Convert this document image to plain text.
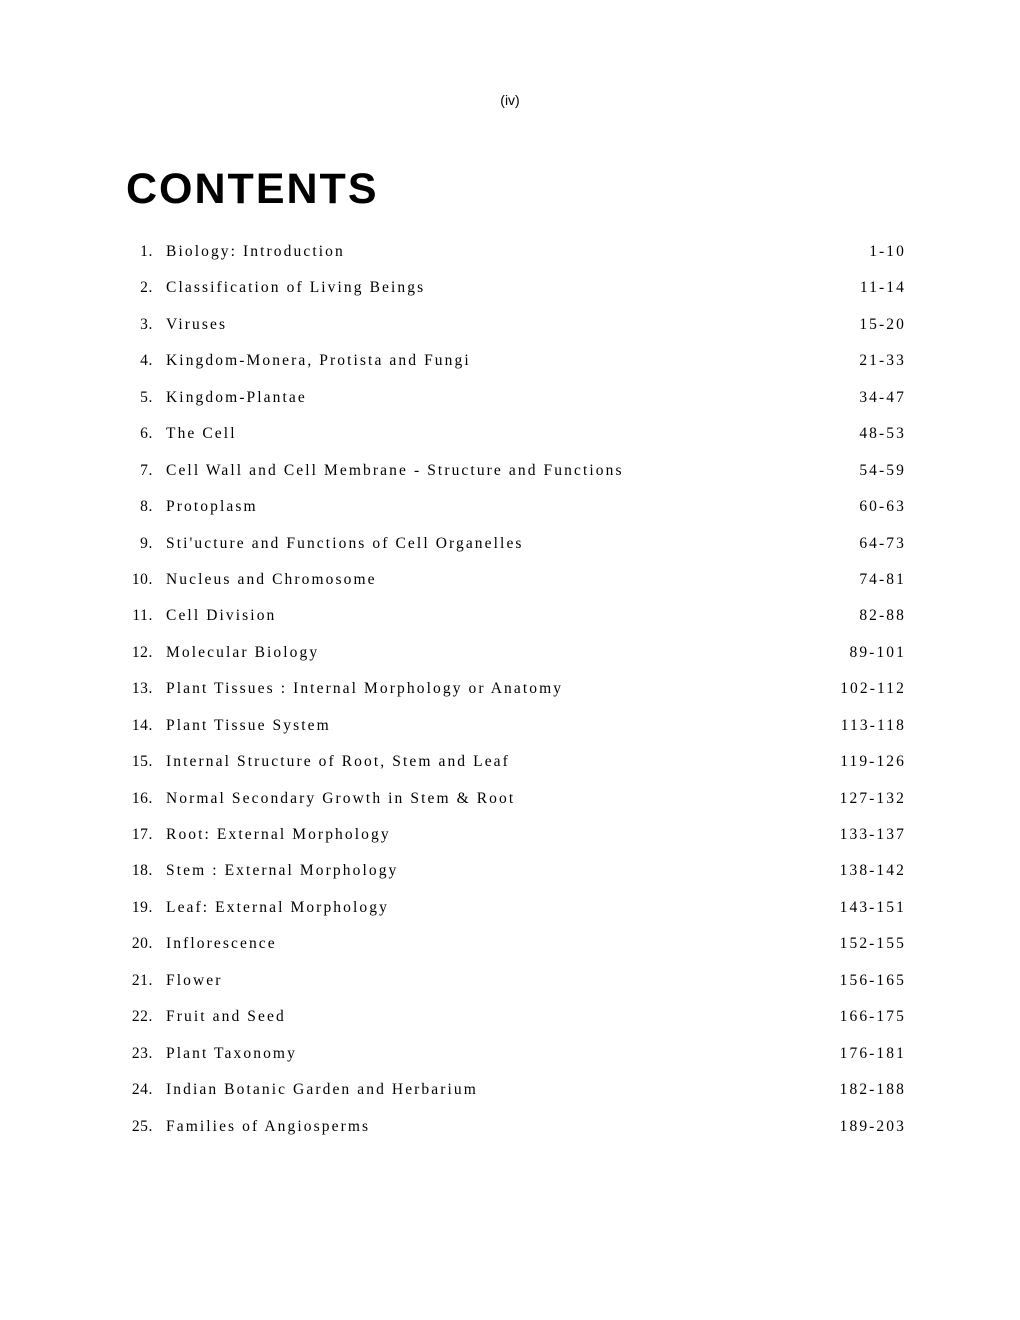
(iv)
CONTENTS
1. Biology: Introduction	1-10
2. Classification of Living Beings	11-14
3. Viruses	15-20
4. Kingdom-Monera, Protista and Fungi	21-33
5. Kingdom-Plantae	34-47
6. The Cell	48-53
7. Cell Wall and Cell Membrane - Structure and Functions	54-59
8. Protoplasm	60-63
9. Sti'ucture and Functions of Cell Organelles	64-73
10. Nucleus and Chromosome	74-81
11. Cell Division	82-88
12. Molecular Biology	89-101
13. Plant Tissues : Internal Morphology or Anatomy	102-112
14. Plant Tissue System	113-118
15. Internal Structure of Root, Stem and Leaf	119-126
16. Normal Secondary Growth in Stem & Root	127-132
17. Root: External Morphology	133-137
18. Stem : External Morphology	138-142
19. Leaf: External Morphology	143-151
20. Inflorescence	152-155
21. Flower	156-165
22. Fruit and Seed	166-175
23. Plant Taxonomy	176-181
24. Indian Botanic Garden and Herbarium	182-188
25. Families of Angiosperms	189-203
